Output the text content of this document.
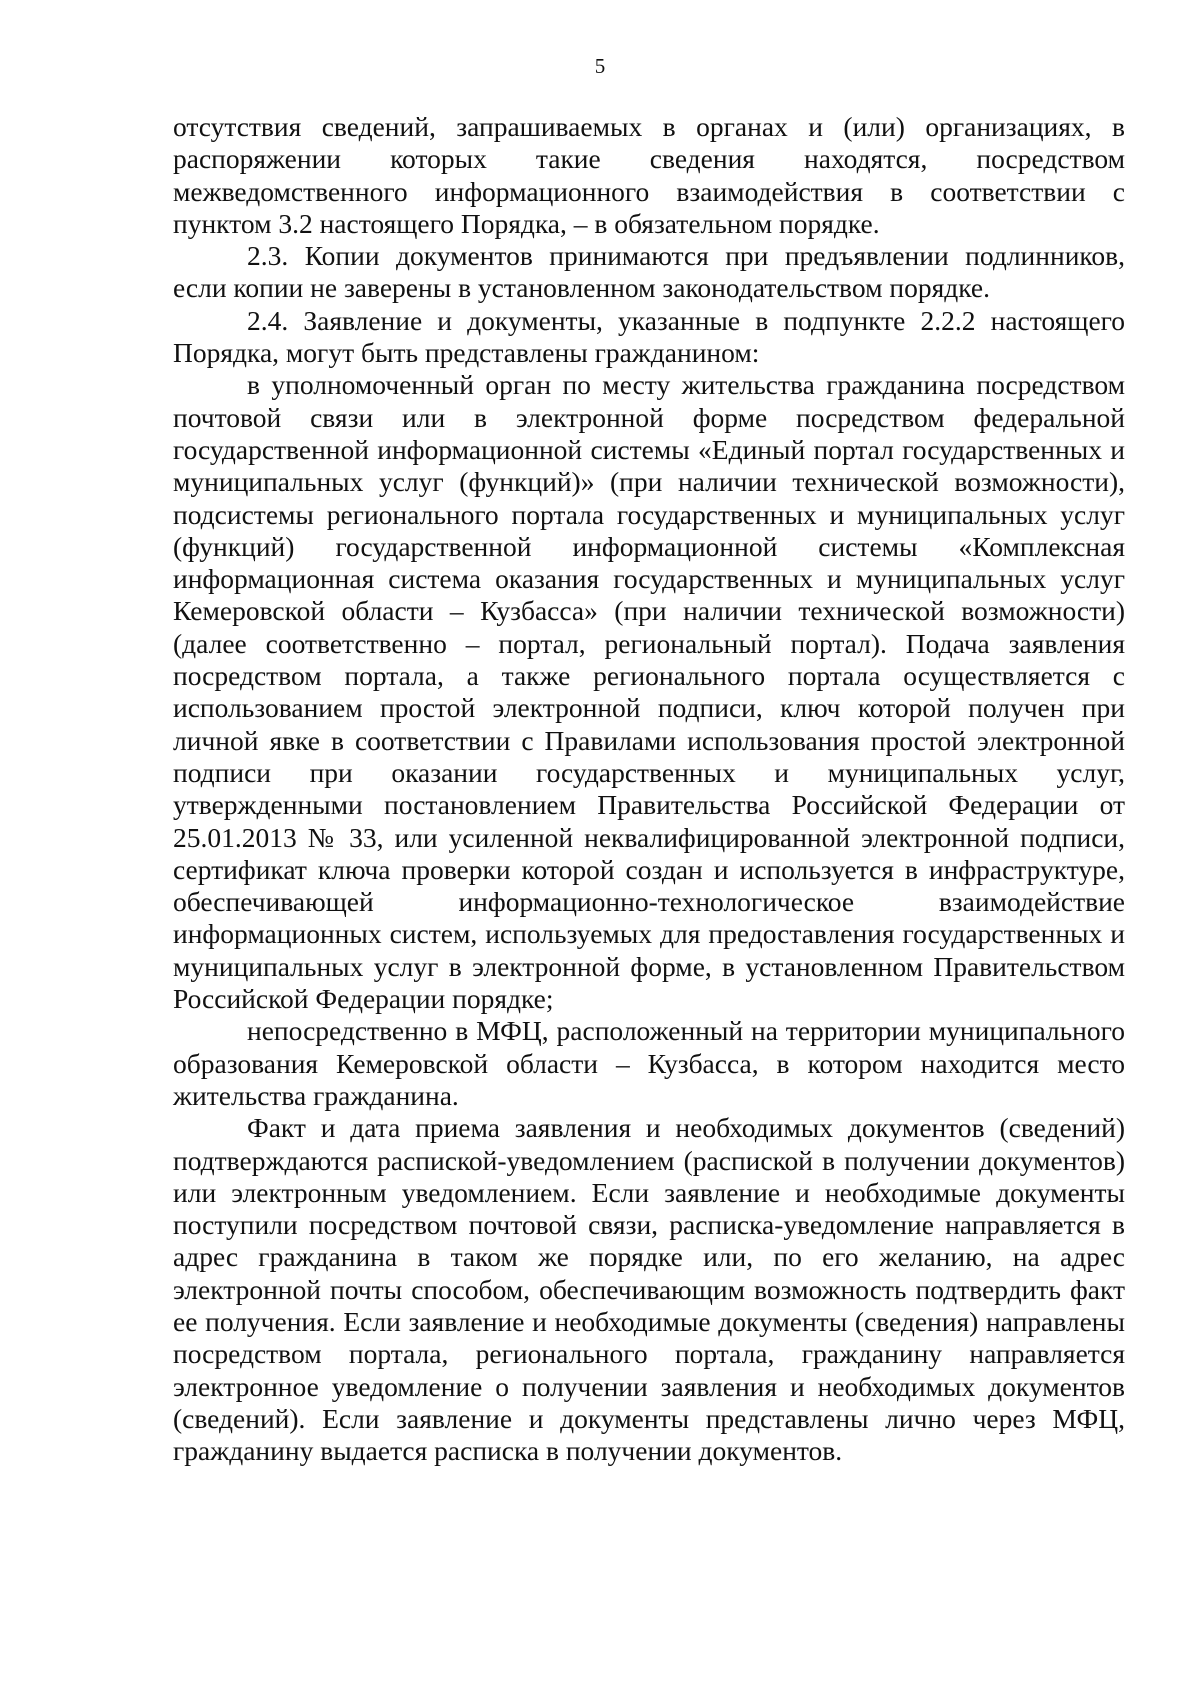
5

отсутствия сведений, запрашиваемых в органах и (или) организациях, в распоряжении которых такие сведения находятся, посредством межведомственного информационного взаимодействия в соответствии с пунктом 3.2 настоящего Порядка, – в обязательном порядке.

2.3. Копии документов принимаются при предъявлении подлинников, если копии не заверены в установленном законодательством порядке.

2.4. Заявление и документы, указанные в подпункте 2.2.2 настоящего Порядка, могут быть представлены гражданином:

в уполномоченный орган по месту жительства гражданина посредством почтовой связи или в электронной форме посредством федеральной государственной информационной системы «Единый портал государственных и муниципальных услуг (функций)» (при наличии технической возможности), подсистемы регионального портала государственных и муниципальных услуг (функций) государственной информационной системы «Комплексная информационная система оказания государственных и муниципальных услуг Кемеровской области – Кузбасса» (при наличии технической возможности) (далее соответственно – портал, региональный портал). Подача заявления посредством портала, а также регионального портала осуществляется с использованием простой электронной подписи, ключ которой получен при личной явке в соответствии с Правилами использования простой электронной подписи при оказании государственных и муниципальных услуг, утвержденными постановлением Правительства Российской Федерации от 25.01.2013 № 33, или усиленной неквалифицированной электронной подписи, сертификат ключа проверки которой создан и используется в инфраструктуре, обеспечивающей информационно-технологическое взаимодействие информационных систем, используемых для предоставления государственных и муниципальных услуг в электронной форме, в установленном Правительством Российской Федерации порядке;

непосредственно в МФЦ, расположенный на территории муниципального образования Кемеровской области – Кузбасса, в котором находится место жительства гражданина.

Факт и дата приема заявления и необходимых документов (сведений) подтверждаются распиской-уведомлением (распиской в получении документов) или электронным уведомлением. Если заявление и необходимые документы поступили посредством почтовой связи, расписка-уведомление направляется в адрес гражданина в таком же порядке или, по его желанию, на адрес электронной почты способом, обеспечивающим возможность подтвердить факт ее получения. Если заявление и необходимые документы (сведения) направлены посредством портала, регионального портала, гражданину направляется электронное уведомление о получении заявления и необходимых документов (сведений). Если заявление и документы представлены лично через МФЦ, гражданину выдается расписка в получении документов.
